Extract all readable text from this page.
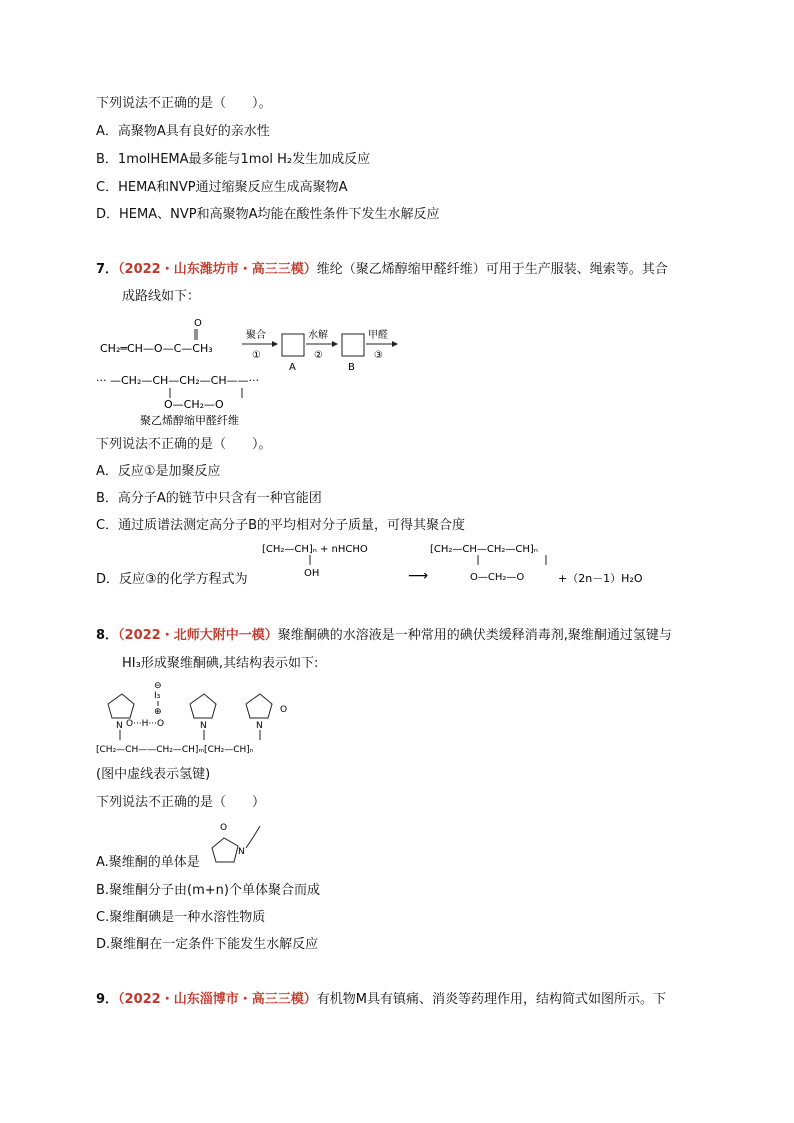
下列说法不正确的是（　　）。
A．高聚物A具有良好的亲水性
B．1molHEMA最多能与1mol H₂发生加成反应
C．HEMA和NVP通过缩聚反应生成高聚物A
D．HEMA、NVP和高聚物A均能在酸性条件下发生水解反应
7．（2022・山东潍坊市・高三三模）维纶（聚乙烯醇缩甲醛纤维）可用于生产服装、绳索等。其合
成路线如下：
O
CH₂═CH—O—C—CH₃
聚合
①
A
水解
②
B
甲醛
③
··· —CH₂—CH—CH₂—CH——···
O—CH₂—O
聚乙烯醇缩甲醛纤维
下列说法不正确的是（　　）。
A．反应①是加聚反应
B．高分子A的链节中只含有一种官能团
C．通过质谱法测定高分子B的平均相对分子质量，可得其聚合度
D．反应③的化学方程式为
[CH₂—CH]ₙ + nHCHO
OH	⟶
[CH₂—CH—CH₂—CH]ₙ
O—CH₂—O	+（2n－1）H₂O
8．（2022・北师大附中一模）聚维酮碘的水溶液是一种常用的碘伏类缓释消毒剂,聚维酮通过氢键与
HI₃形成聚维酮碘,其结构表示如下:
⊖
I₃
⊕
N O···H···O	N	N
O
[CH₂—CH——CH₂—CH]ₘ[CH₂—CH]ₙ
(图中虚线表示氢键)
下列说法不正确的是（　　）
A.聚维酮的单体是
O
N
B.聚维酮分子由(m+n)个单体聚合而成
C.聚维酮碘是一种水溶性物质
D.聚维酮在一定条件下能发生水解反应
9．（2022・山东淄博市・高三三模）有机物M具有镇痛、消炎等药理作用，结构简式如图所示。下
